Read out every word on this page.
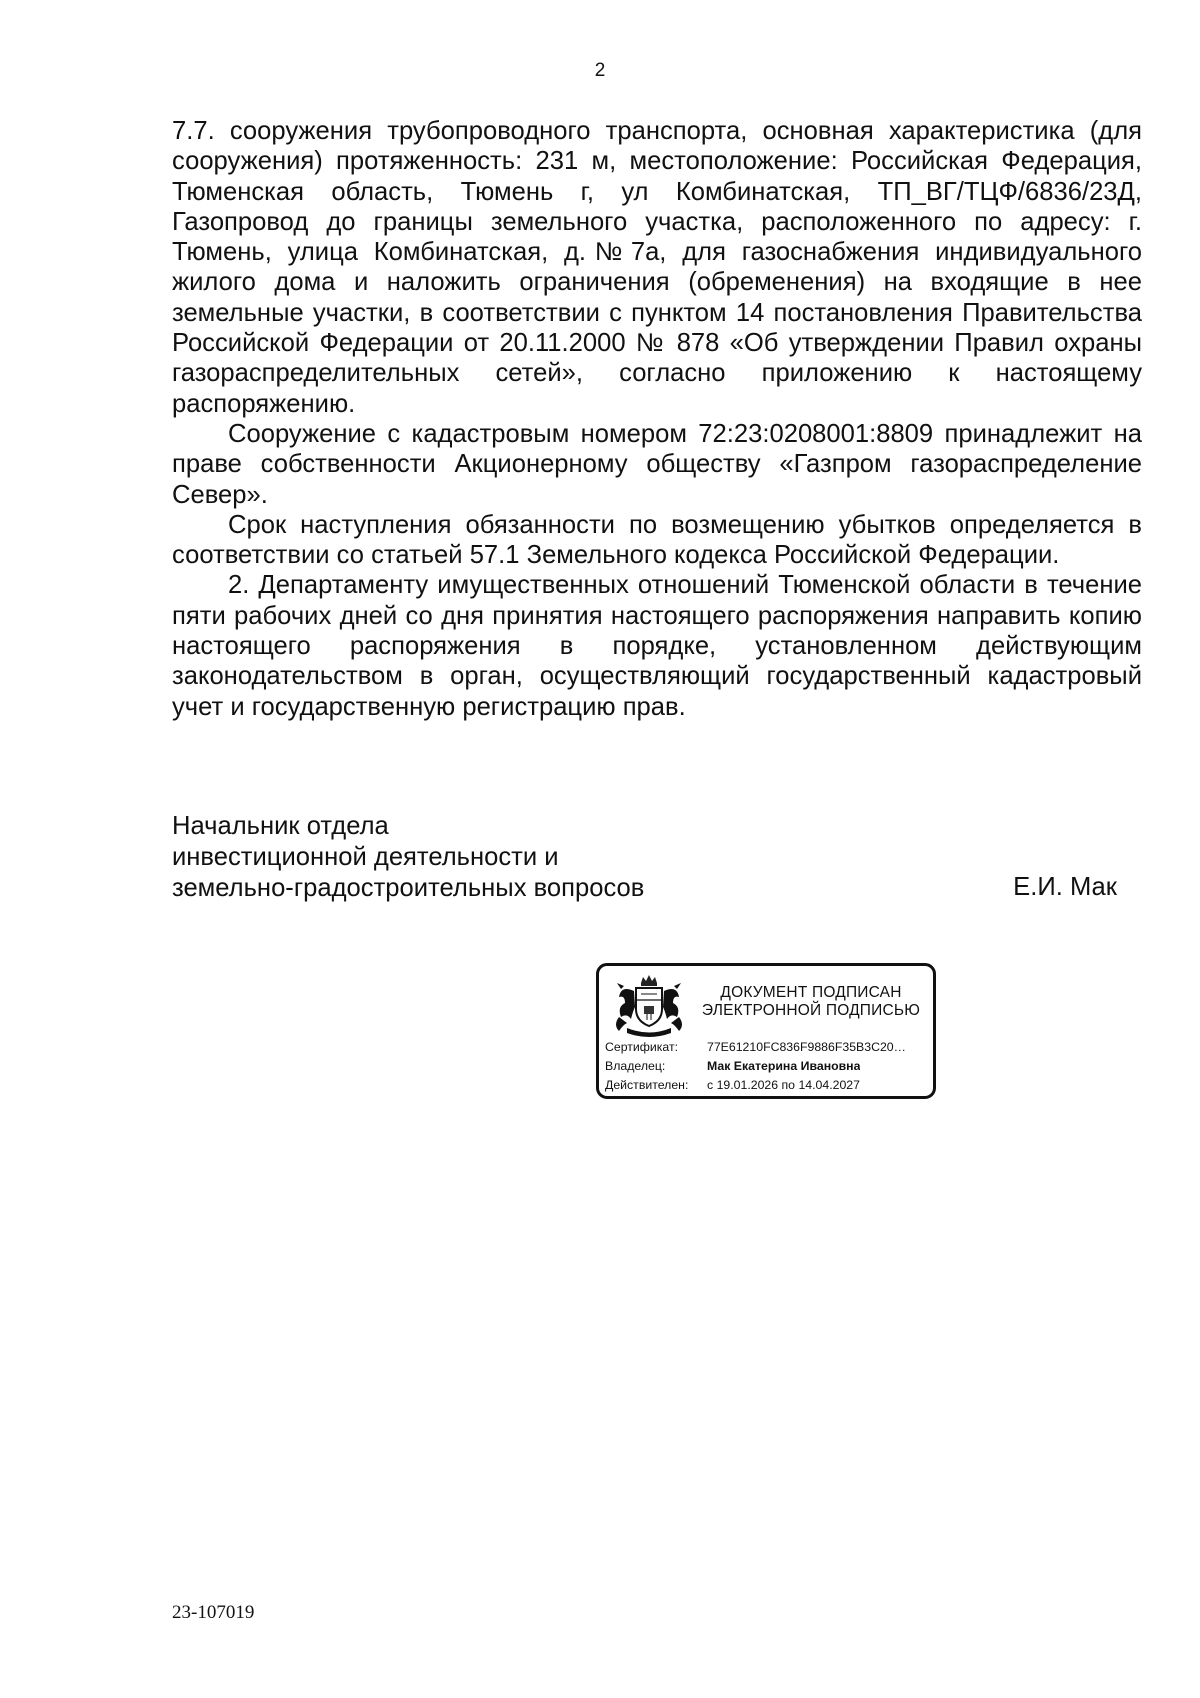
2

7.7. сооружения трубопроводного транспорта, основная характеристика (для сооружения) протяженность: 231 м, местоположение: Российская Федерация, Тюменская область, Тюмень г, ул Комбинатская, ТП_ВГ/ТЦФ/6836/23Д, Газопровод до границы земельного участка, расположенного по адресу: г. Тюмень, улица Комбинатская, д.№7а, для газоснабжения индивидуального жилого дома и наложить ограничения (обременения) на входящие в нее земельные участки, в соответствии с пунктом 14 постановления Правительства Российской Федерации от 20.11.2000 № 878 «Об утверждении Правил охраны газораспределительных сетей», согласно приложению к настоящему распоряжению.

Сооружение с кадастровым номером 72:23:0208001:8809 принадлежит на праве собственности Акционерному обществу «Газпром газораспределение Север».

Срок наступления обязанности по возмещению убытков определяется в соответствии со статьей 57.1 Земельного кодекса Российской Федерации.

2. Департаменту имущественных отношений Тюменской области в течение пяти рабочих дней со дня принятия настоящего распоряжения направить копию настоящего распоряжения в порядке, установленном действующим законодательством в орган, осуществляющий государственный кадастровый учет и государственную регистрацию прав.

Начальник отдела
инвестиционной деятельности и
земельно-градостроительных вопросов	Е.И. Мак
ДОКУМЕНТ ПОДПИСАН
ЭЛЕКТРОННОЙ ПОДПИСЬЮ
Сертификат: 77E61210FC836F9886F35B3C20…
Владелец:	Мак Екатерина Ивановна
Действителен: с 19.01.2026 по 14.04.2027
23-107019
